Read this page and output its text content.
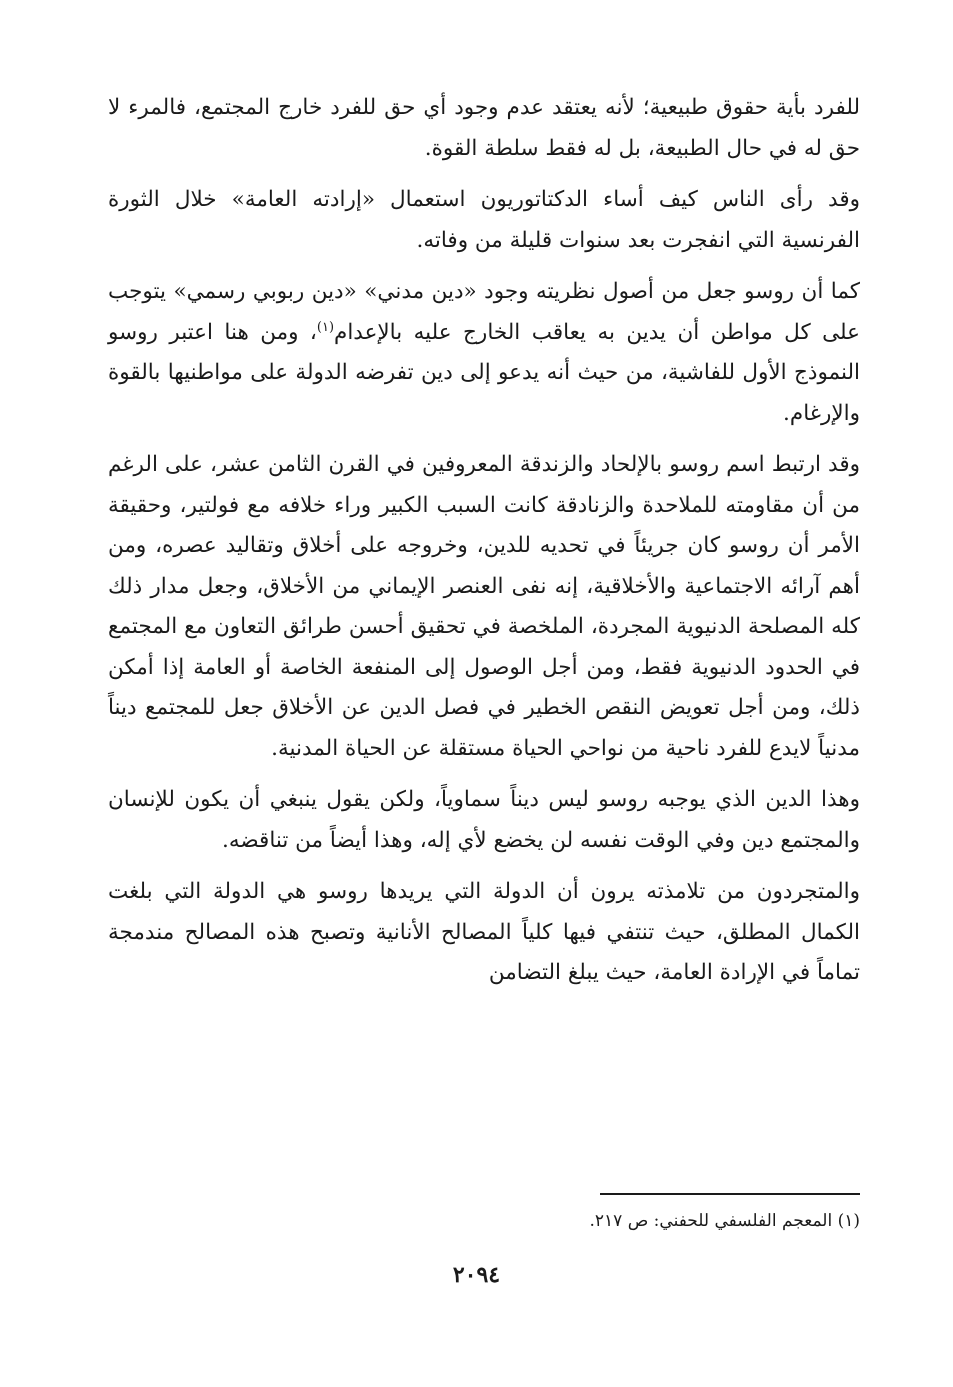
للفرد بأية حقوق طبيعية؛ لأنه يعتقد عدم وجود أي حق للفرد خارج المجتمع، فالمرء لا حق له في حال الطبيعة، بل له فقط سلطة القوة.

وقد رأى الناس كيف أساء الدكتاتوريون استعمال «إرادته العامة» خلال الثورة الفرنسية التي انفجرت بعد سنوات قليلة من وفاته.

كما أن روسو جعل من أصول نظريته وجود «دين مدني» «دين ربوبي رسمي» يتوجب على كل مواطن أن يدين به يعاقب الخارج عليه بالإعدام$^{(١)}$، ومن هنا اعتبر روسو النموذج الأول للفاشية، من حيث أنه يدعو إلى دين تفرضه الدولة على مواطنيها بالقوة والإرغام.

وقد ارتبط اسم روسو بالإلحاد والزندقة المعروفين في القرن الثامن عشر، على الرغم من أن مقاومته للملاحدة والزنادقة كانت السبب الكبير وراء خلافه مع فولتير، وحقيقة الأمر أن روسو كان جريئاً في تحديه للدين، وخروجه على أخلاق وتقاليد عصره، ومن أهم آرائه الاجتماعية والأخلاقية، إنه نفى العنصر الإيماني من الأخلاق، وجعل مدار ذلك كله المصلحة الدنيوية المجردة، الملخصة في تحقيق أحسن طرائق التعاون مع المجتمع في الحدود الدنيوية فقط، ومن أجل الوصول إلى المنفعة الخاصة أو العامة إذا أمكن ذلك، ومن أجل تعويض النقص الخطير في فصل الدين عن الأخلاق جعل للمجتمع ديناً مدنياً لايدع للفرد ناحية من نواحي الحياة مستقلة عن الحياة المدنية.

وهذا الدين الذي يوجبه روسو ليس ديناً سماوياً، ولكن يقول ينبغي أن يكون للإنسان والمجتمع دين وفي الوقت نفسه لن يخضع لأي إله، وهذا أيضاً من تناقضه.

والمتجردون من تلامذته يرون أن الدولة التي يريدها روسو هي الدولة التي بلغت الكمال المطلق، حيث تنتفي فيها كلياً المصالح الأنانية وتصبح هذه المصالح مندمجة تماماً في الإرادة العامة، حيث يبلغ التضامن

(١) المعجم الفلسفي للحفني: ص ٢١٧.
٢٠٩٤
